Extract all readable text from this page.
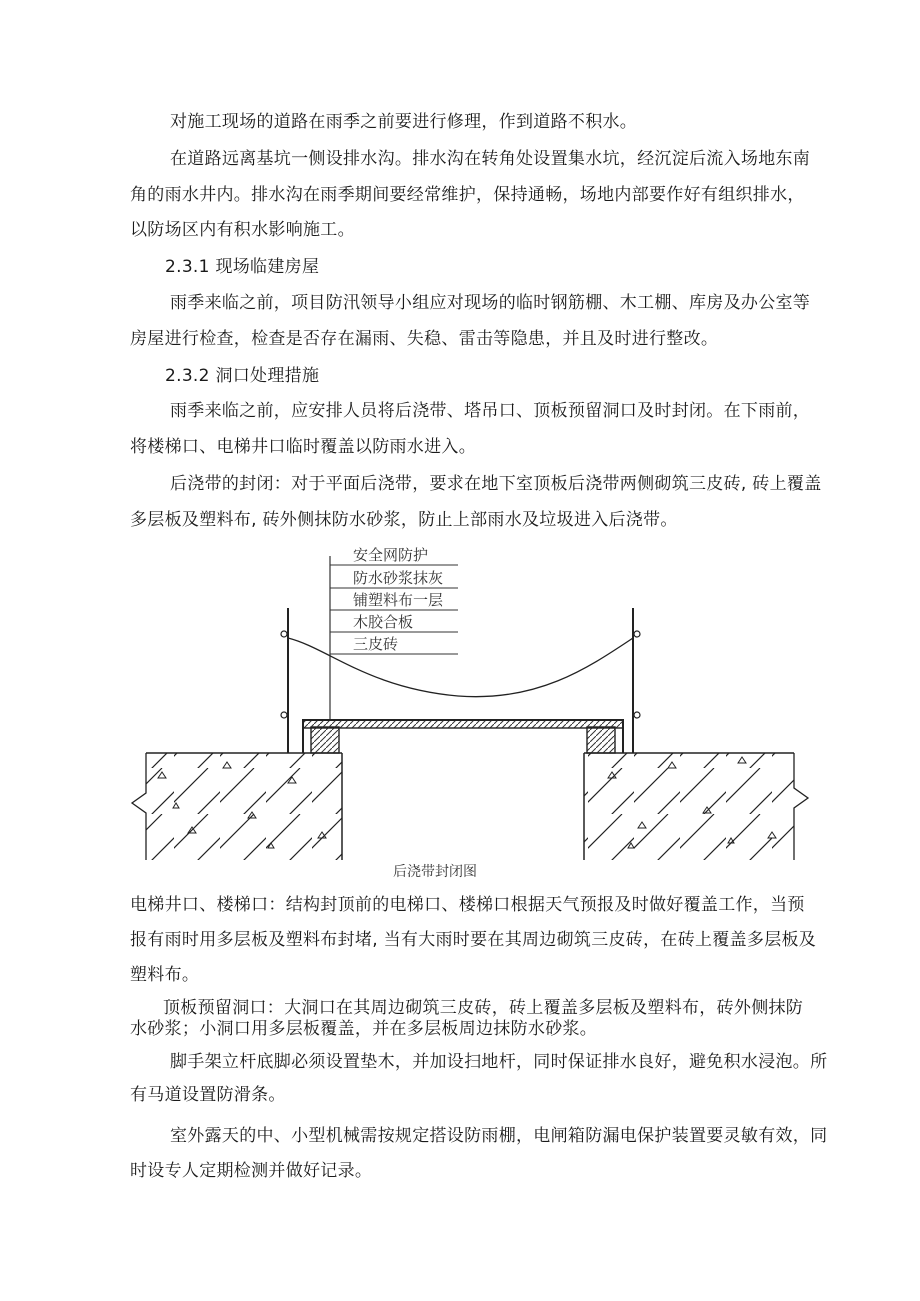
对施工现场的道路在雨季之前要进行修理，作到道路不积水。
在道路远离基坑一侧设排水沟。排水沟在转角处设置集水坑，经沉淀后流入场地东南
角的雨水井内。排水沟在雨季期间要经常维护，保持通畅，场地内部要作好有组织排水，
以防场区内有积水影响施工。
2.3.1 现场临建房屋
雨季来临之前，项目防汛领导小组应对现场的临时钢筋棚、木工棚、库房及办公室等
房屋进行检查，检查是否存在漏雨、失稳、雷击等隐患，并且及时进行整改。
2.3.2 洞口处理措施
雨季来临之前，应安排人员将后浇带、塔吊口、顶板预留洞口及时封闭。在下雨前，
将楼梯口、电梯井口临时覆盖以防雨水进入。
后浇带的封闭：对于平面后浇带，要求在地下室顶板后浇带两侧砌筑三皮砖, 砖上覆盖
多层板及塑料布, 砖外侧抹防水砂浆，防止上部雨水及垃圾进入后浇带。
安全网防护
防水砂浆抹灰
铺塑料布一层
木胶合板
三皮砖
后浇带封闭图
电梯井口、楼梯口：结构封顶前的电梯口、楼梯口根据天气预报及时做好覆盖工作，当预
报有雨时用多层板及塑料布封堵, 当有大雨时要在其周边砌筑三皮砖，在砖上覆盖多层板及
塑料布。
顶板预留洞口：大洞口在其周边砌筑三皮砖，砖上覆盖多层板及塑料布，砖外侧抹防
水砂浆；小洞口用多层板覆盖，并在多层板周边抹防水砂浆。
脚手架立杆底脚必须设置垫木，并加设扫地杆，同时保证排水良好，避免积水浸泡。所
有马道设置防滑条。
室外露天的中、小型机械需按规定搭设防雨棚，电闸箱防漏电保护装置要灵敏有效，同
时设专人定期检测并做好记录。
